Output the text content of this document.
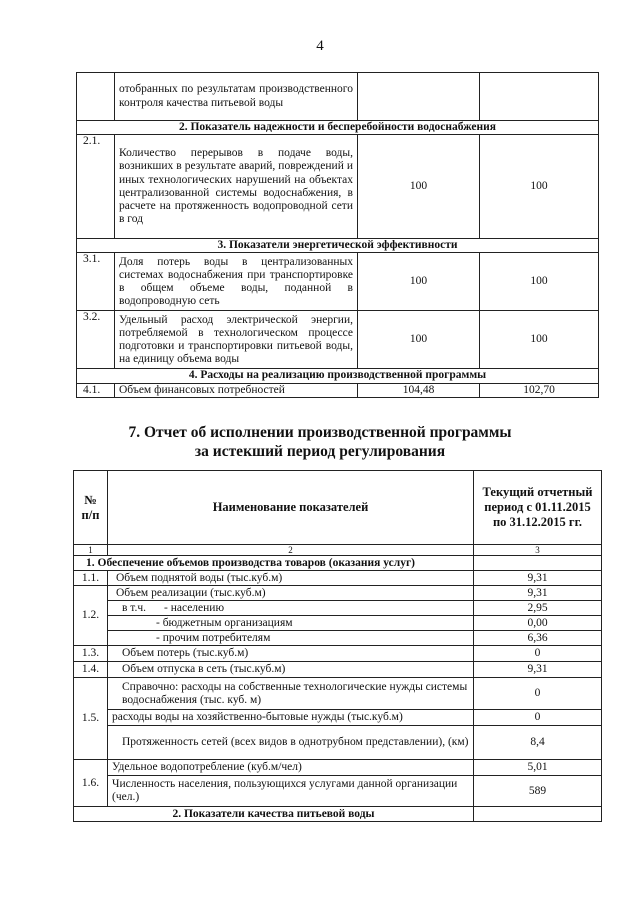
4
	отобранных по результатам производственного контроля качества питьевой воды		
2. Показатель надежности и бесперебойности водоснабжения			
2.1.	Количество перерывов в подаче воды, возникших в результате аварий, повреждений и иных технологических нарушений на объектах централизованной системы водоснабжения, в расчете на протяженность водопроводной сети в год	100	100
3. Показатели энергетической эффективности			
3.1.	Доля потерь воды в централизованных системах водоснабжения при транспортировке в общем объеме воды, поданной в водопроводную сеть	100	100
3.2.	Удельный расход электрической энергии, потребляемой в технологическом процессе подготовки и транспортировки питьевой воды, на единицу объема воды	100	100
4. Расходы на реализацию производственной программы			
4.1.	Объем финансовых потребностей	104,48	102,70
7. Отчет об исполнении производственной программы
за истекший период регулирования
№ п/п	Наименование показателей	Текущий отчетный период с 01.11.2015 по 31.12.2015 гг.
1	2	3
1. Обеспечение объемов производства товаров (оказания услуг)		
1.1.	Объем поднятой воды (тыс.куб.м)	9,31
1.2.	Объем реализации (тыс.куб.м)	9,31
	в т.ч. - населению	2,95
	- бюджетным организациям	0,00
	- прочим потребителям	6,36
1.3.	Объем потерь (тыс.куб.м)	0
1.4.	Объем отпуска в сеть (тыс.куб.м)	9,31
1.5.	Справочно: расходы на собственные технологические нужды системы водоснабжения (тыс. куб. м)	0
	расходы воды на хозяйственно-бытовые нужды (тыс.куб.м)	0
	Протяженность сетей (всех видов в однотрубном представлении), (км)	8,4
1.6.	Удельное водопотребление (куб.м/чел)	5,01
	Численность населения, пользующихся услугами данной организации (чел.)	589
2. Показатели качества питьевой воды		
